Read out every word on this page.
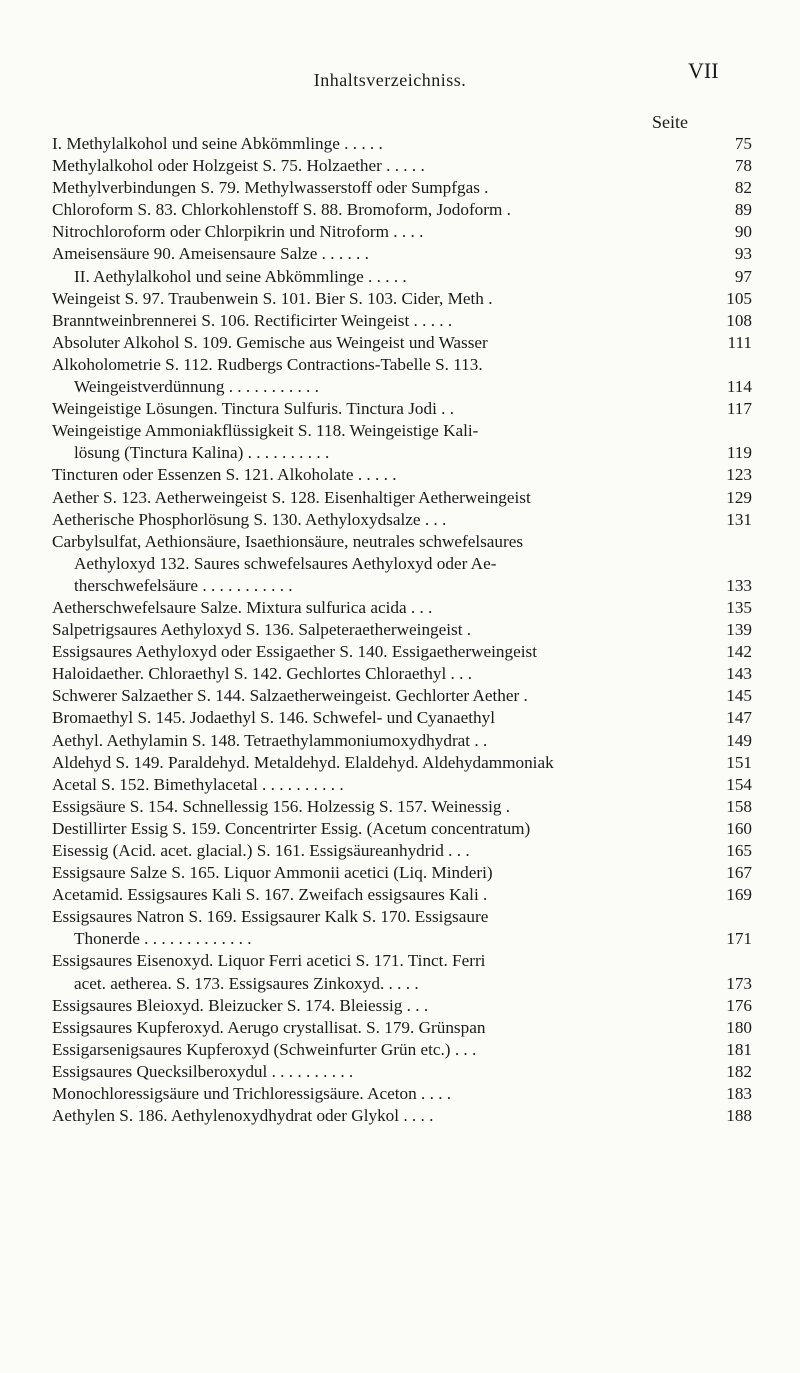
Inhaltsverzeichniss.	VII
Seite
I. Methylalkohol und seine Abkömmlinge . . . . .	75
Methylalkohol oder Holzgeist S. 75. Holzaether . . . . .	78
Methylverbindungen S. 79. Methylwasserstoff oder Sumpfgas .	82
Chloroform S. 83. Chlorkohlenstoff S. 88. Bromoform, Jodoform .	89
Nitrochloroform oder Chlorpikrin und Nitroform . . . .	90
Ameisensäure 90. Ameisensaure Salze . . . . . .	93
II. Aethylalkohol und seine Abkömmlinge . . . . .	97
Weingeist S. 97. Traubenwein S. 101. Bier S. 103. Cider, Meth .	105
Branntweinbrennerei S. 106. Rectificirter Weingeist . . . . .	108
Absoluter Alkohol S. 109. Gemische aus Weingeist und Wasser	111
Alkoholometrie S. 112. Rudbergs Contractions-Tabelle S. 113.
Weingeistverdünnung . . . . . . . . . . .	114
Weingeistige Lösungen. Tinctura Sulfuris. Tinctura Jodi . .	117
Weingeistige Ammoniakflüssigkeit S. 118. Weingeistige Kali-
lösung (Tinctura Kalina) . . . . . . . . . .	119
Tincturen oder Essenzen S. 121. Alkoholate . . . . .	123
Aether S. 123. Aetherweingeist S. 128. Eisenhaltiger Aetherweingeist	129
Aetherische Phosphorlösung S. 130. Aethyloxydsalze . . .	131
Carbylsulfat, Aethionsäure, Isaethionsäure, neutrales schwefelsaures
Aethyloxyd 132. Saures schwefelsaures Aethyloxyd oder Ae-
therschwefelsäure . . . . . . . . . . .	133
Aetherschwefelsaure Salze. Mixtura sulfurica acida . . .	135
Salpetrigsaures Aethyloxyd S. 136. Salpeteraetherweingeist .	139
Essigsaures Aethyloxyd oder Essigaether S. 140. Essigaetherweingeist	142
Haloidaether. Chloraethyl S. 142. Gechlortes Chloraethyl . . .	143
Schwerer Salzaether S. 144. Salzaetherweingeist. Gechlorter Aether .	145
Bromaethyl S. 145. Jodaethyl S. 146. Schwefel- und Cyanaethyl	147
Aethyl. Aethylamin S. 148. Tetraethylammoniumoxydhydrat . .	149
Aldehyd S. 149. Paraldehyd. Metaldehyd. Elaldehyd. Aldehydammoniak	151
Acetal S. 152. Bimethylacetal . . . . . . . . . .	154
Essigsäure S. 154. Schnellessig 156. Holzessig S. 157. Weinessig .	158
Destillirter Essig S. 159. Concentrirter Essig. (Acetum concentratum)	160
Eisessig (Acid. acet. glacial.) S. 161. Essigsäureanhydrid . . .	165
Essigsaure Salze S. 165. Liquor Ammonii acetici (Liq. Minderi)	167
Acetamid. Essigsaures Kali S. 167. Zweifach essigsaures Kali .	169
Essigsaures Natron S. 169. Essigsaurer Kalk S. 170. Essigsaure
Thonerde . . . . . . . . . . . . .	171
Essigsaures Eisenoxyd. Liquor Ferri acetici S. 171. Tinct. Ferri
acet. aetherea. S. 173. Essigsaures Zinkoxyd. . . . .	173
Essigsaures Bleioxyd. Bleizucker S. 174. Bleiessig . . .	176
Essigsaures Kupferoxyd. Aerugo crystallisat. S. 179. Grünspan	180
Essigarsenigsaures Kupferoxyd (Schweinfurter Grün etc.) . . .	181
Essigsaures Quecksilberoxydul . . . . . . . . . .	182
Monochloressigsäure und Trichloressigsäure. Aceton . . . .	183
Aethylen S. 186. Aethylenoxydhydrat oder Glykol . . . .	188
